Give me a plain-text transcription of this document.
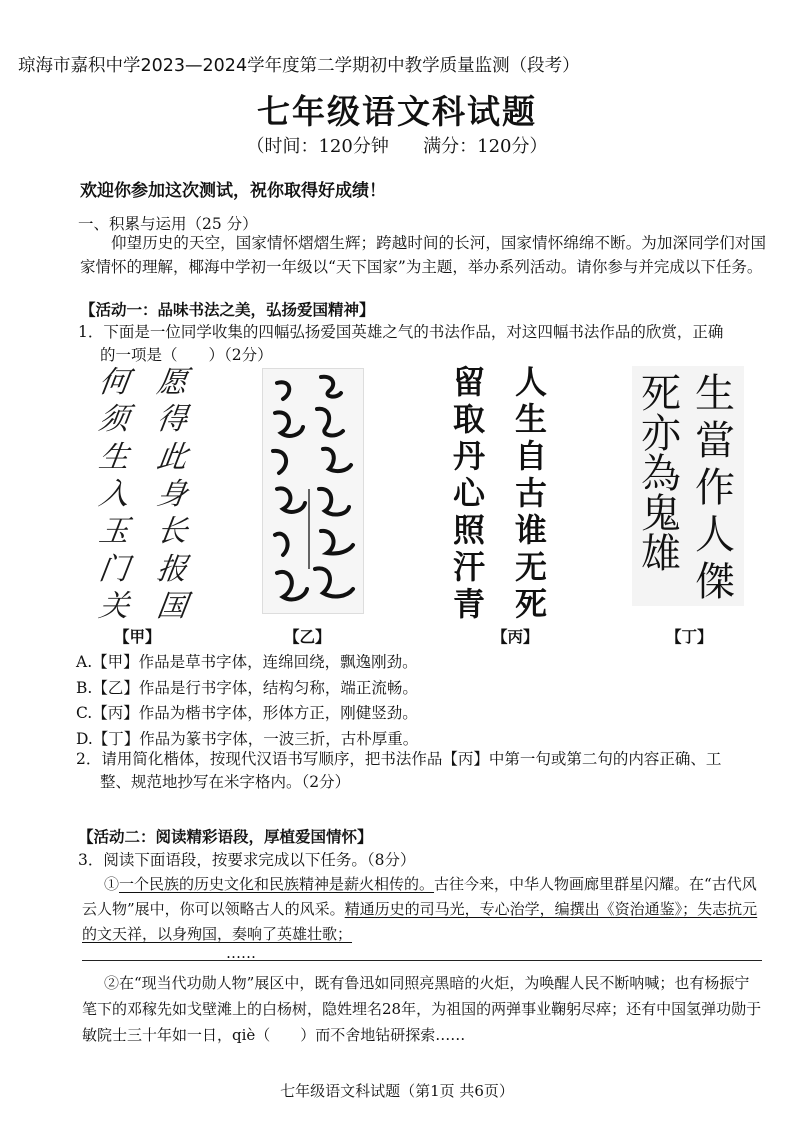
琼海市嘉积中学2023—2024学年度第二学期初中教学质量监测（段考）
七年级语文科试题
（时间：120分钟      满分：120分）
欢迎你参加这次测试，祝你取得好成绩！
一、积累与运用（25 分）
仰望历史的天空，国家情怀熠熠生辉；跨越时间的长河，国家情怀绵绵不断。为加深同学们对国家情怀的理解，椰海中学初一年级以“天下国家”为主题，举办系列活动。请你参与并完成以下任务。
【活动一：品味书法之美，弘扬爱国精神】
1．下面是一位同学收集的四幅弘扬爱国英雄之气的书法作品，对这四幅书法作品的欣赏，正确
的一项是（　　）（2分）
何
须
生
入
玉
门
关
愿
得
此
身
长
报
国
留
取
丹
心
照
汗
青
人
生
自
古
谁
无
死
死
亦
為
鬼
雄
生
當
作
人
傑
【甲】	【乙】	【丙】	【丁】
A.【甲】作品是草书字体，连绵回绕，飘逸刚劲。
B.【乙】作品是行书字体，结构匀称，端正流畅。
C.【丙】作品为楷书字体，形体方正，刚健竖劲。
D.【丁】作品为篆书字体，一波三折，古朴厚重。
2．请用简化楷体，按现代汉语书写顺序，把书法作品【丙】中第一句或第二句的内容正确、工
整、规范地抄写在米字格内。（2分）
【活动二：阅读精彩语段，厚植爱国情怀】
3．阅读下面语段，按要求完成以下任务。（8分）
①一个民族的历史文化和民族精神是薪火相传的。古往今来，中华人物画廊里群星闪耀。在“古代风云人物”展中，你可以领略古人的风采。精通历史的司马光，专心治学，编撰出《资治通鉴》；失志抗元的文天祥，以身殉国，奏响了英雄壮歌；
……
②在“现当代功勋人物”展区中，既有鲁迅如同照亮黑暗的火炬，为唤醒人民不断呐喊；也有杨振宁笔下的邓稼先如戈壁滩上的白杨树，隐姓埋名28年，为祖国的两弹事业鞠躬尽瘁；还有中国氢弹功勋于敏院士三十年如一日，qiè（　　）而不舍地钻研探索……
七年级语文科试题（第1页 共6页）
